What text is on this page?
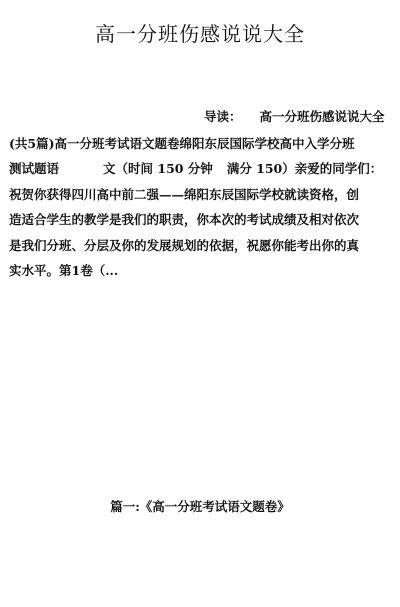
高一分班伤感说说大全
导读： 高一分班伤感说说大全
(共5篇)高一分班考试语文题卷绵阳东辰国际学校高中入学分班
测试题语	文（时间 150 分钟 满分 150）亲爱的同学们：
祝贺你获得四川高中前二强——绵阳东辰国际学校就读资格，创
造适合学生的教学是我们的职责，你本次的考试成绩及相对依次
是我们分班、分层及你的发展规划的依据，祝愿你能考出你的真
实水平。第1卷（...
篇一:《高一分班考试语文题卷》
